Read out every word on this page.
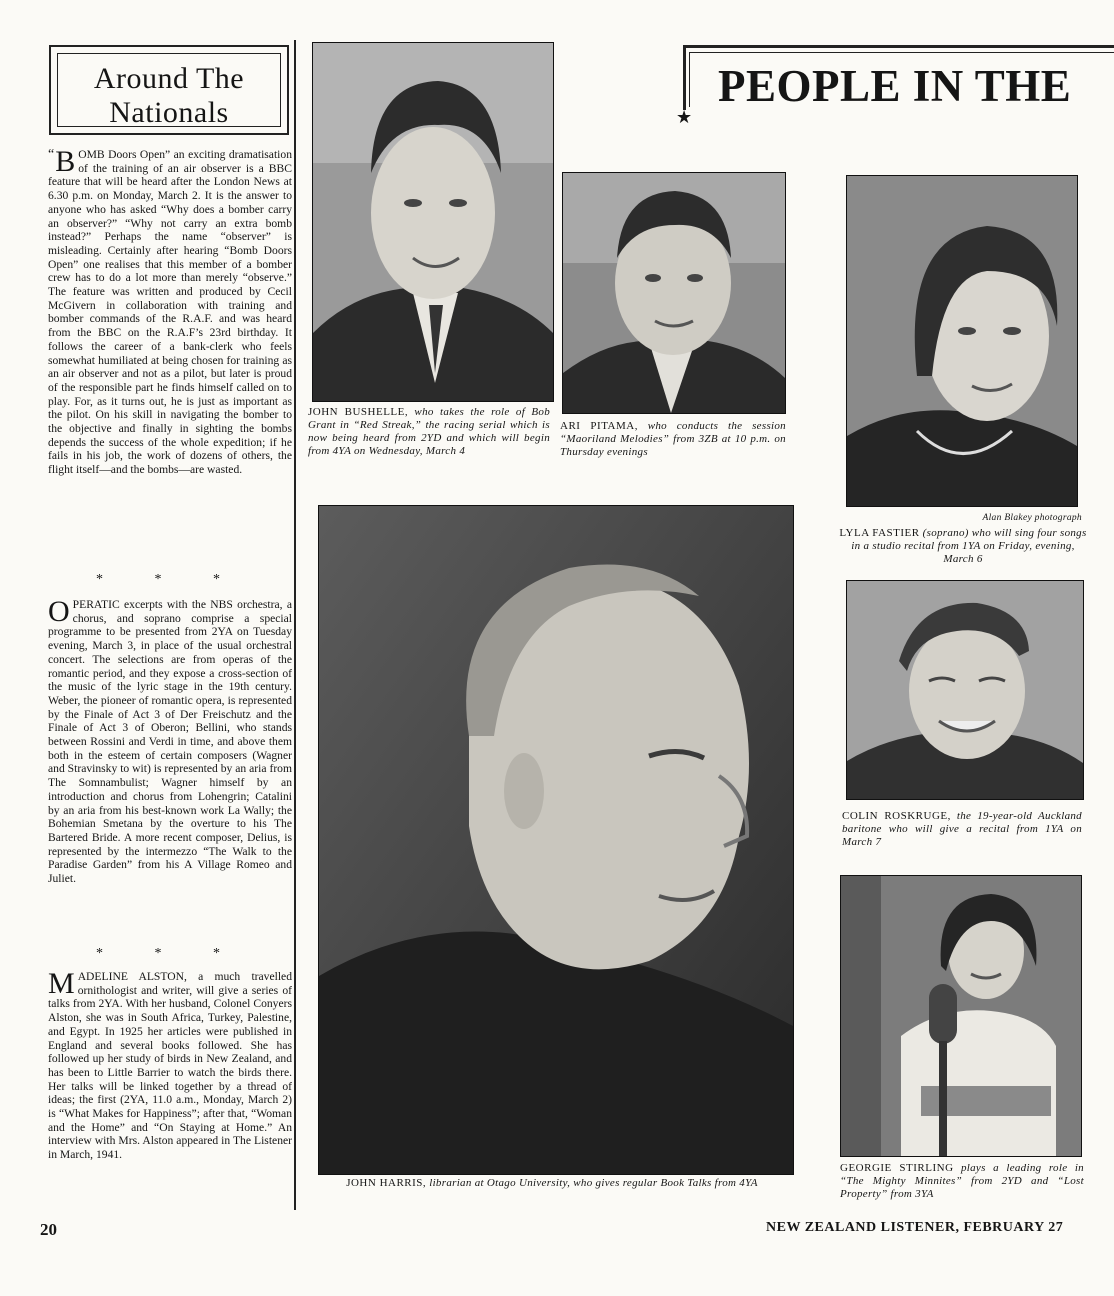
Around The
Nationals

“ B OMB Doors Open” an exciting dramatisation of the training of an air observer is a BBC feature that will be heard after the London News at 6.30 p.m. on Monday, March 2. It is the answer to anyone who has asked “Why does a bomber carry an observer?” “Why not carry an extra bomb instead?” Perhaps the name “observer” is misleading. Certainly after hearing “Bomb Doors Open” one realises that this member of a bomber crew has to do a lot more than merely “observe.” The feature was written and produced by Cecil McGivern in collaboration with training and bomber commands of the R.A.F. and was heard from the BBC on the R.A.F’s 23rd birthday. It follows the career of a bank-clerk who feels somewhat humiliated at being chosen for training as an air observer and not as a pilot, but later is proud of the responsible part he finds himself called on to play. For, as it turns out, he is just as important as the pilot. On his skill in navigating the bomber to the objective and finally in sighting the bombs depends the success of the whole expedition; if he fails in his job, the work of dozens of others, the flight itself—and the bombs—are wasted.

* * *

O PERATIC excerpts with the NBS orchestra, a chorus, and soprano comprise a special programme to be presented from 2YA on Tuesday evening, March 3, in place of the usual orchestral concert. The selections are from operas of the romantic period, and they expose a cross-section of the music of the lyric stage in the 19th century. Weber, the pioneer of romantic opera, is represented by the Finale of Act 3 of Der Freischutz and the Finale of Act 3 of Oberon; Bellini, who stands between Rossini and Verdi in time, and above them both in the esteem of certain composers (Wagner and Stravinsky to wit) is represented by an aria from The Somnambulist; Wagner himself by an introduction and chorus from Lohengrin; Catalini by an aria from his best-known work La Wally; the Bohemian Smetana by the overture to his The Bartered Bride. A more recent composer, Delius, is represented by the intermezzo “The Walk to the Paradise Garden” from his A Village Romeo and Juliet.

* * *

M ADELINE ALSTON, a much travelled ornithologist and writer, will give a series of talks from 2YA. With her husband, Colonel Conyers Alston, she was in South Africa, Turkey, Palestine, and Egypt. In 1925 her articles were published in England and several books followed. She has followed up her study of birds in New Zealand, and has been to Little Barrier to watch the birds there. Her talks will be linked together by a thread of ideas; the first (2YA, 11.0 a.m., Monday, March 2) is “What Makes for Happiness”; after that, “Woman and the Home” and “On Staying at Home.” An interview with Mrs. Alston appeared in The Listener in March, 1941.

★
PEOPLE IN THE
JOHN BUSHELLE, who takes the role of Bob Grant in “Red Streak,” the racing serial which is now being heard from 2YD and which will begin from 4YA on Wednesday, March 4
ARI PITAMA, who conducts the session “Maoriland Melodies” from 3ZB at 10 p.m. on Thursday evenings
Alan Blakey photograph
LYLA FASTIER (soprano) who will sing four songs in a studio recital from 1YA on Friday, evening, March 6
COLIN ROSKRUGE, the 19-year-old Auckland baritone who will give a recital from 1YA on March 7
JOHN HARRIS, librarian at Otago University, who gives regular Book Talks from 4YA
GEORGIE STIRLING plays a leading role in “The Mighty Minnites” from 2YD and “Lost Property” from 3YA
20	NEW ZEALAND LISTENER, FEBRUARY 27
